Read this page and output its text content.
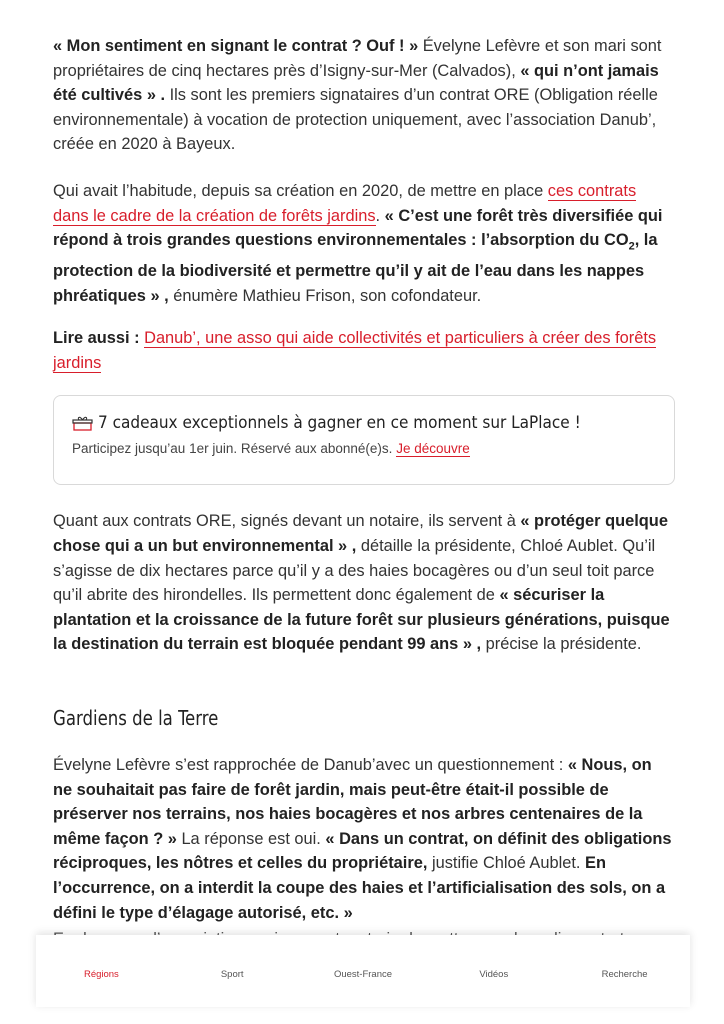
« Mon sentiment en signant le contrat ? Ouf ! » Évelyne Lefèvre et son mari sont propriétaires de cinq hectares près d’Isigny-sur-Mer (Calvados), « qui n’ont jamais été cultivés » . Ils sont les premiers signataires d’un contrat ORE (Obligation réelle environnementale) à vocation de protection uniquement, avec l’association Danub’, créée en 2020 à Bayeux.

Qui avait l’habitude, depuis sa création en 2020, de mettre en place ces contrats dans le cadre de la création de forêts jardins. « C’est une forêt très diversifiée qui répond à trois grandes questions environnementales : l’absorption du $CO_2$, la protection de la biodiversité et permettre qu’il y ait de l’eau dans les nappes phréatiques » , énumère Mathieu Frison, son cofondateur.

Lire aussi : Danub’, une asso qui aide collectivités et particuliers à créer des forêts jardins

7 cadeaux exceptionnels à gagner en ce moment sur LaPlace !
Participez jusqu’au 1er juin. Réservé aux abonné(e)s. Je découvre

Quant aux contrats ORE, signés devant un notaire, ils servent à « protéger quelque chose qui a un but environnemental » , détaille la présidente, Chloé Aublet. Qu’il s’agisse de dix hectares parce qu’il y a des haies bocagères ou d’un seul toit parce qu’il abrite des hirondelles. Ils permettent donc également de « sécuriser la plantation et la croissance de la future forêt sur plusieurs générations, puisque la destination du terrain est bloquée pendant 99 ans » , précise la présidente.

Gardiens de la Terre

Évelyne Lefèvre s’est rapprochée de Danub’avec un questionnement : « Nous, on ne souhaitait pas faire de forêt jardin, mais peut-être était-il possible de préserver nos terrains, nos haies bocagères et nos arbres centenaires de la même façon ? » La réponse est oui. « Dans un contrat, on définit des obligations réciproques, les nôtres et celles du propriétaire, justifie Chloé Aublet. En l’occurrence, on a interdit la coupe des haies et l’artificialisation des sols, on a défini le type d’élagage autorisé, etc. »

Régions	Sport	Ouest-France	Vidéos	Recherche
